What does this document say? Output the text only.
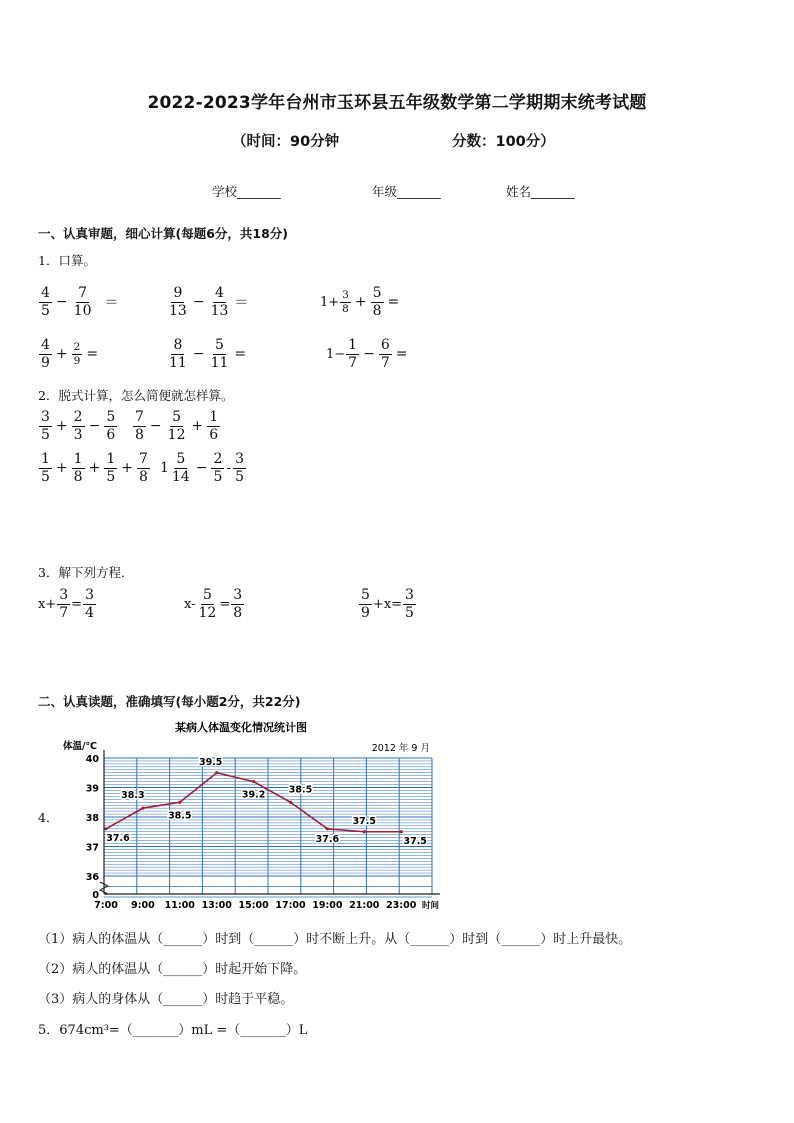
2022-2023学年台州市玉环县五年级数学第二学期期末统考试题
（时间：90分钟	分数：100分）
学校_______	年级_______	姓名_______
一、认真审题，细心计算(每题6分，共18分)
1．口算。
$\frac{4}{5} - \frac{7}{10}$ ＝	$\frac{9}{13} - \frac{4}{13}$ ＝	$1+ \frac{3}{8} + \frac{5}{8}$ =
$\frac{4}{9} + \frac{2}{9}$ =	$\frac{8}{11} - \frac{5}{11}$ =	$1- \frac{1}{7} - \frac{6}{7}$ =
2．脱式计算，怎么简便就怎样算。
$\frac{3}{5} + \frac{2}{3} - \frac{5}{6} \frac{7}{8} - \frac{5}{12} + \frac{1}{6}$
$\frac{1}{5} + \frac{1}{8} + \frac{1}{5} + \frac{7}{8} 1 \frac{5}{14} - \frac{2}{5} - \frac{3}{5}$
3．解下列方程．
$x+ \frac{3}{7} = \frac{3}{4}$	$x- \frac{5}{12} = \frac{3}{8}$	$\frac{5}{9} +x= \frac{3}{5}$
二、认真读题，准确填写(每小题2分，共22分)
4．
某病人体温变化情况统计图
2012 年 9 月
体温/℃
时间
40
39
38
37
36
0
7:00 9:00 11:00 13:00 15:00 17:00 19:00 21:00 23:00
37.6
38.3
38.5
39.5
39.2 38.5
37.6
37.5
37.5
（1）病人的体温从（______）时到（______）时不断上升。从（______）时到（______）时上升最快。
（2）病人的体温从（______）时起开始下降。
（3）病人的身体从（______）时趋于平稳。
5．674cm³=（_______）mL =（_______）L
